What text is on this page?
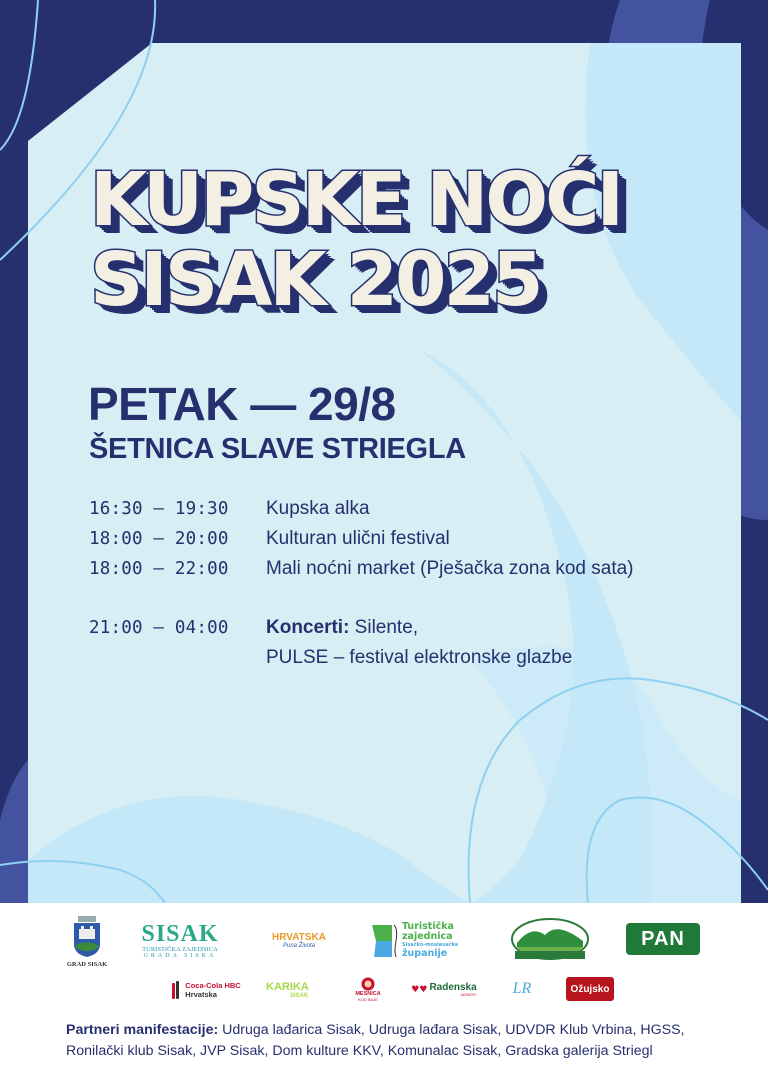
KUPSKE NOĆI
SISAK 2025
PETAK — 29/8
ŠETNICA SLAVE STRIEGLA
16:30 — 19:30	Kupska alka
18:00 — 20:00	Kulturan ulični festival
18:00 — 22:00	Mali noćni market (Pješačka zona kod sata)
21:00 — 04:00	Koncerti: Silente,
PULSE – festival elektronske glazbe
GRAD SISAK
SISAK
TURISTIČKA ZAJEDNICA
GRADA SISKA
HRVATSKA
Puna Života
Turistička
zajednica
Sisačko-moslavačke
županije
PAN
Coca-Cola HBC
Hrvatska
KARIKA
SISAK	MESNICA
KOD BAJE
♥♥ Radenska
ADRIATIC LR	Ožujsko
Partneri manifestacije: Udruga lađarica Sisak, Udruga lađara Sisak, UDVDR Klub Vrbina, HGSS, Ronilački klub Sisak, JVP Sisak, Dom kulture KKV, Komunalac Sisak, Gradska galerija Striegl
